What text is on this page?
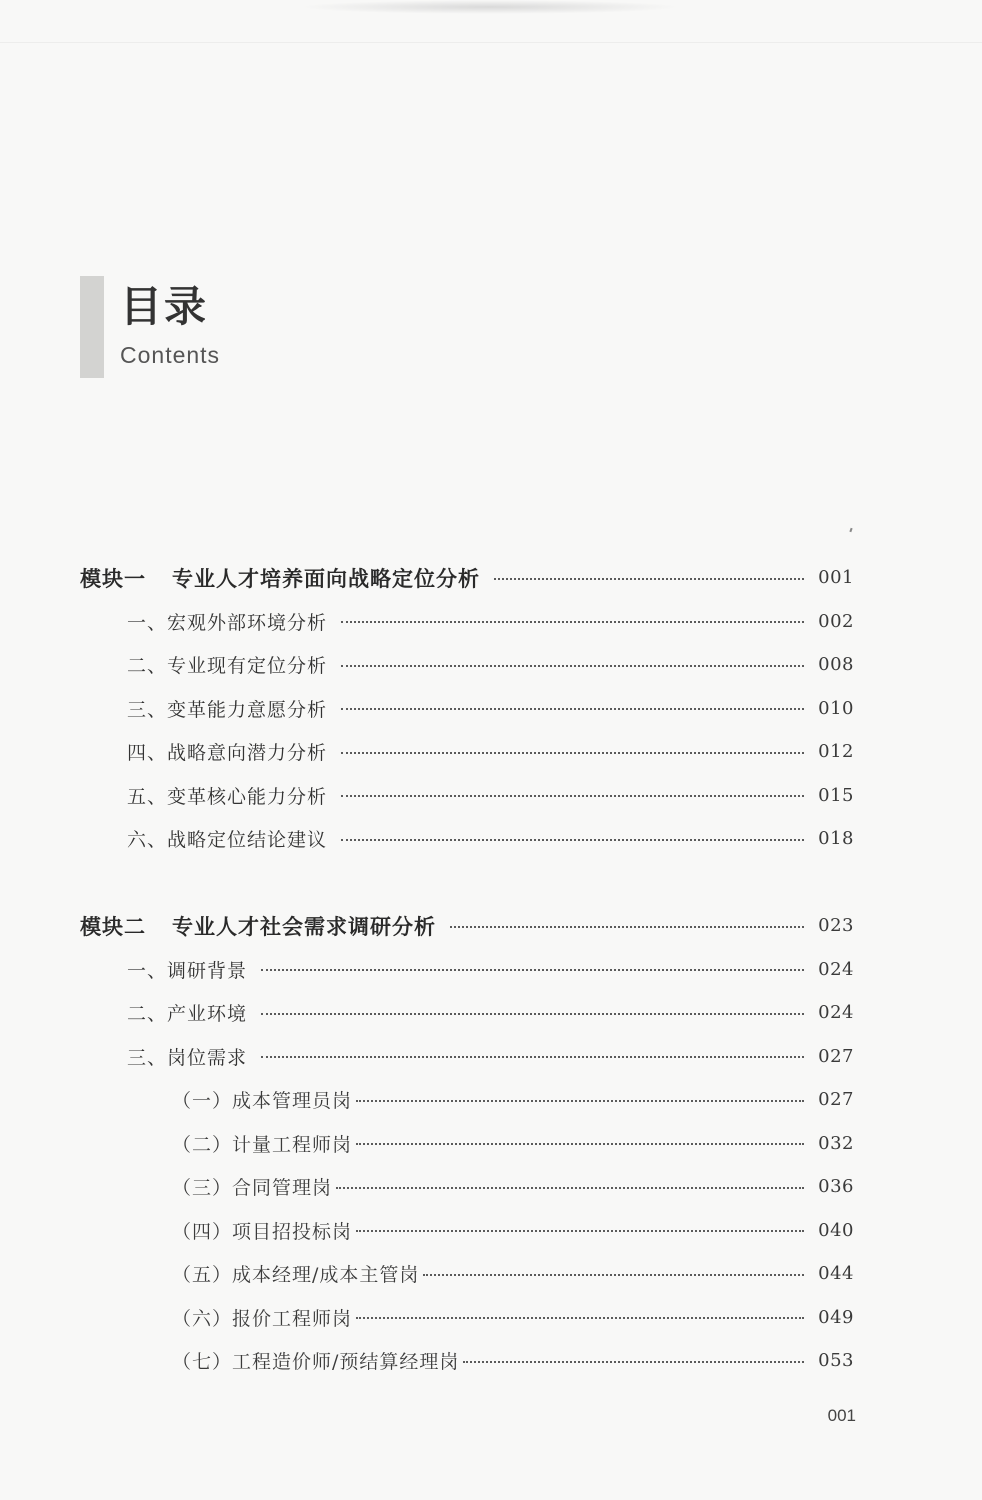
目录
Contents
模块一 专业人才培养面向战略定位分析	001
一、宏观外部环境分析	002
二、专业现有定位分析	008
三、变革能力意愿分析	010
四、战略意向潜力分析	012
五、变革核心能力分析	015
六、战略定位结论建议	018
模块二 专业人才社会需求调研分析	023
一、调研背景	024
二、产业环境	024
三、岗位需求	027
（一）成本管理员岗	027
（二）计量工程师岗	032
（三）合同管理岗	036
（四）项目招投标岗	040
（五）成本经理/成本主管岗	044
（六）报价工程师岗	049
（七）工程造价师/预结算经理岗	053
001
